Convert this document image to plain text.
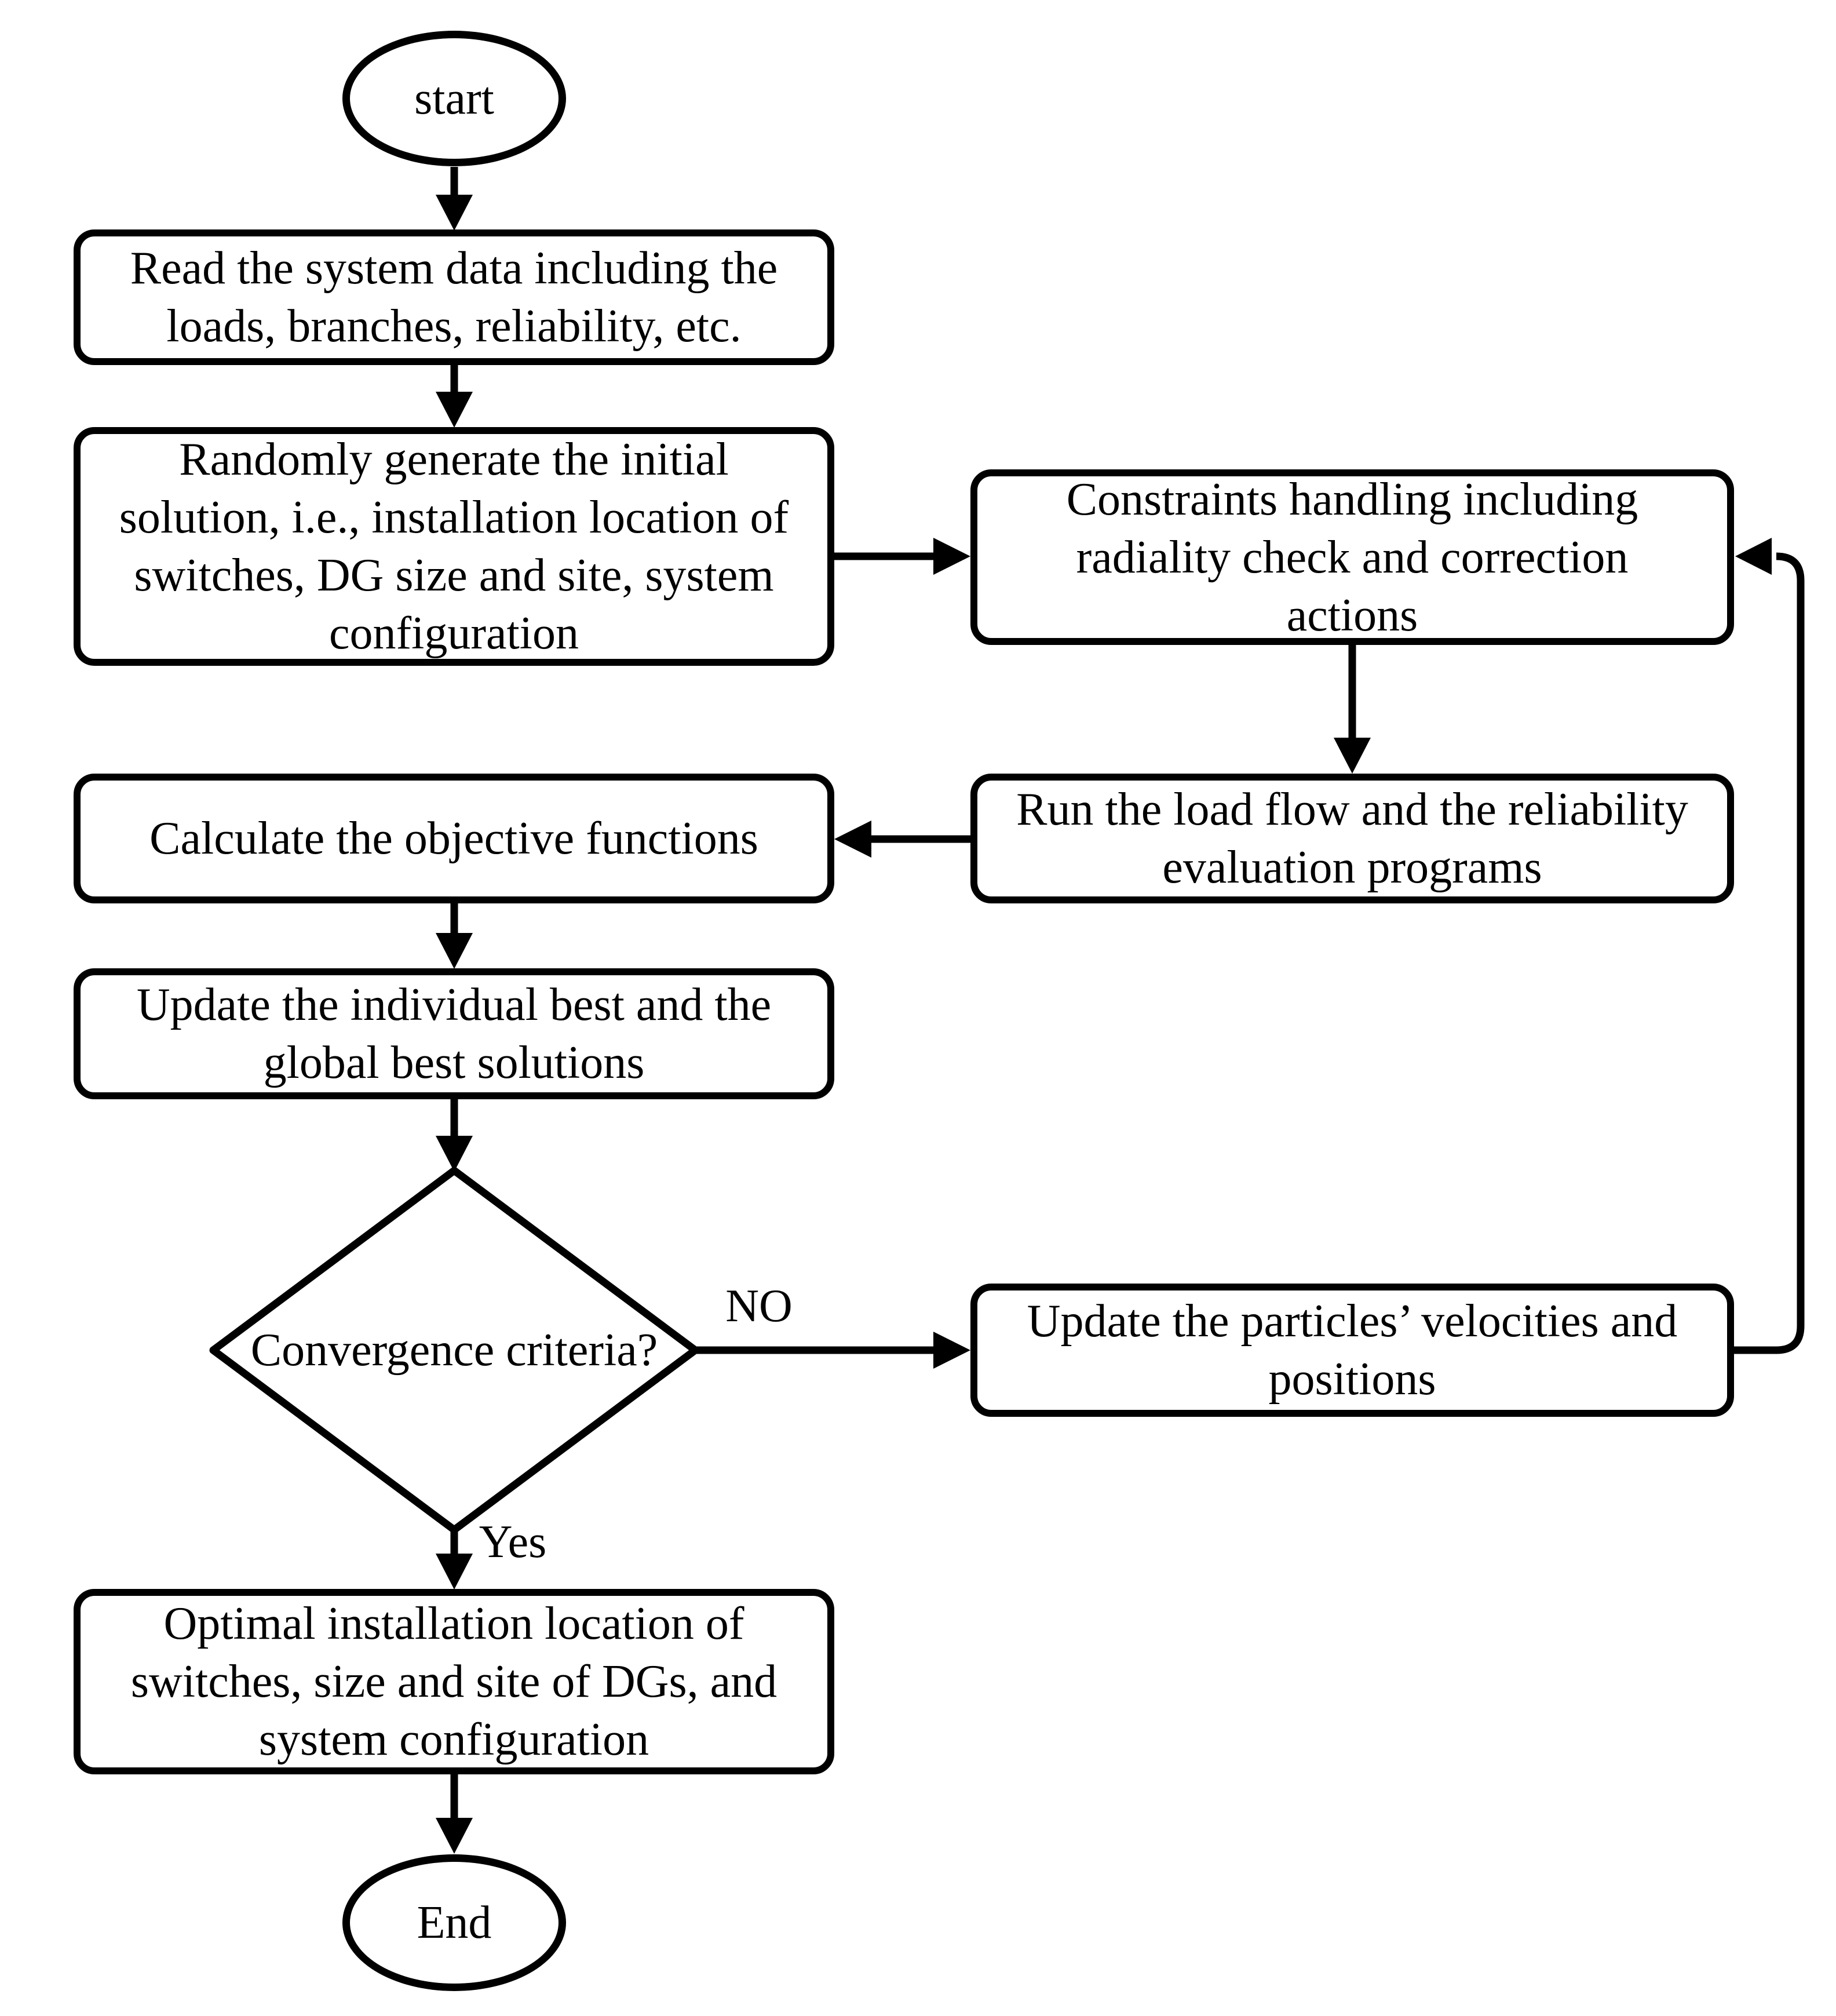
start
Read the system data including the
loads, branches, reliability, etc.
Randomly generate the initial
solution, i.e., installation location of
switches, DG size and site, system
configuration
Constraints handling including
radiality check and correction
actions
Run the load flow and the reliability
evaluation programs
Calculate the objective functions
Update the individual best and the
global best solutions
Convergence criteria?
NO	Update the particles’ velocities and
positions
Yes
Optimal installation location of
switches, size and site of DGs, and
system configuration
End
